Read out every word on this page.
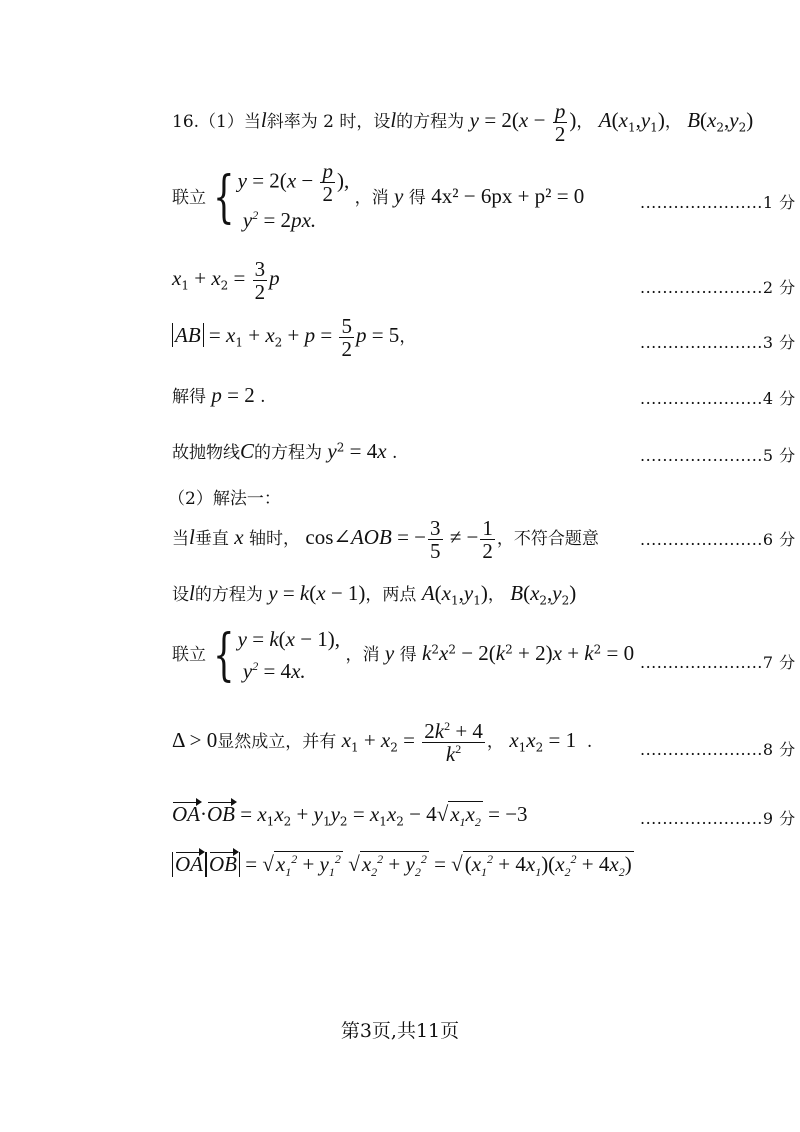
16.（1）当l斜率为 2 时，设l的方程为 $y = 2(x - \frac{p}{2}$ )， $A(x_1,y_1)$， $B(x_2,y_2)$
联立 { $y = 2(x - \frac{p}{2}$ ),
$y^2 = 2px$.
，消 y 得 4x² − 6px + p² = 0	......................1 分
$x_1 + x_2 = \frac{3}{2}$ p	......................2 分
AB = $x_1 + x_2 + p = \frac{5}{2}$ p = 5，	......................3 分
解得 p = 2 .	......................4 分
故抛物线C的方程为 $y^2 = 4x$ .	......................5 分
（2）解法一：
当l垂直 x 轴时， cos∠AOB = − $\frac{3}{5}$ ≠ − $\frac{1}{2}$ ，不符合题意	......................6 分
设l的方程为 y = k(x − 1)，两点 $A(x_1,y_1)$， $B(x_2,y_2)$
联立 { y = k(x − 1),
$y^2 = 4x$.
，消 y 得 $k^2x^2 - 2(k^2 + 2)x + k^2 = 0$ ......................7 分
Δ > 0显然成立，并有 $x_1 + x_2 = \frac{2k^2 + 4}{k^2}$ ， $x_1x_2 = 1$  .	......................8 分
$OA\cdot OB = x_1x_2 + y_1y_2 = x_1x_2 - 4√x_1x_2 = -3$	......................9 分
OA OB = $√x_1^2 + y_1^2$ $√x_2^2 + y_2^2 = √(x_1^2 + 4x_1)(x_2^2 + 4x_2)$
第3页,共11页
